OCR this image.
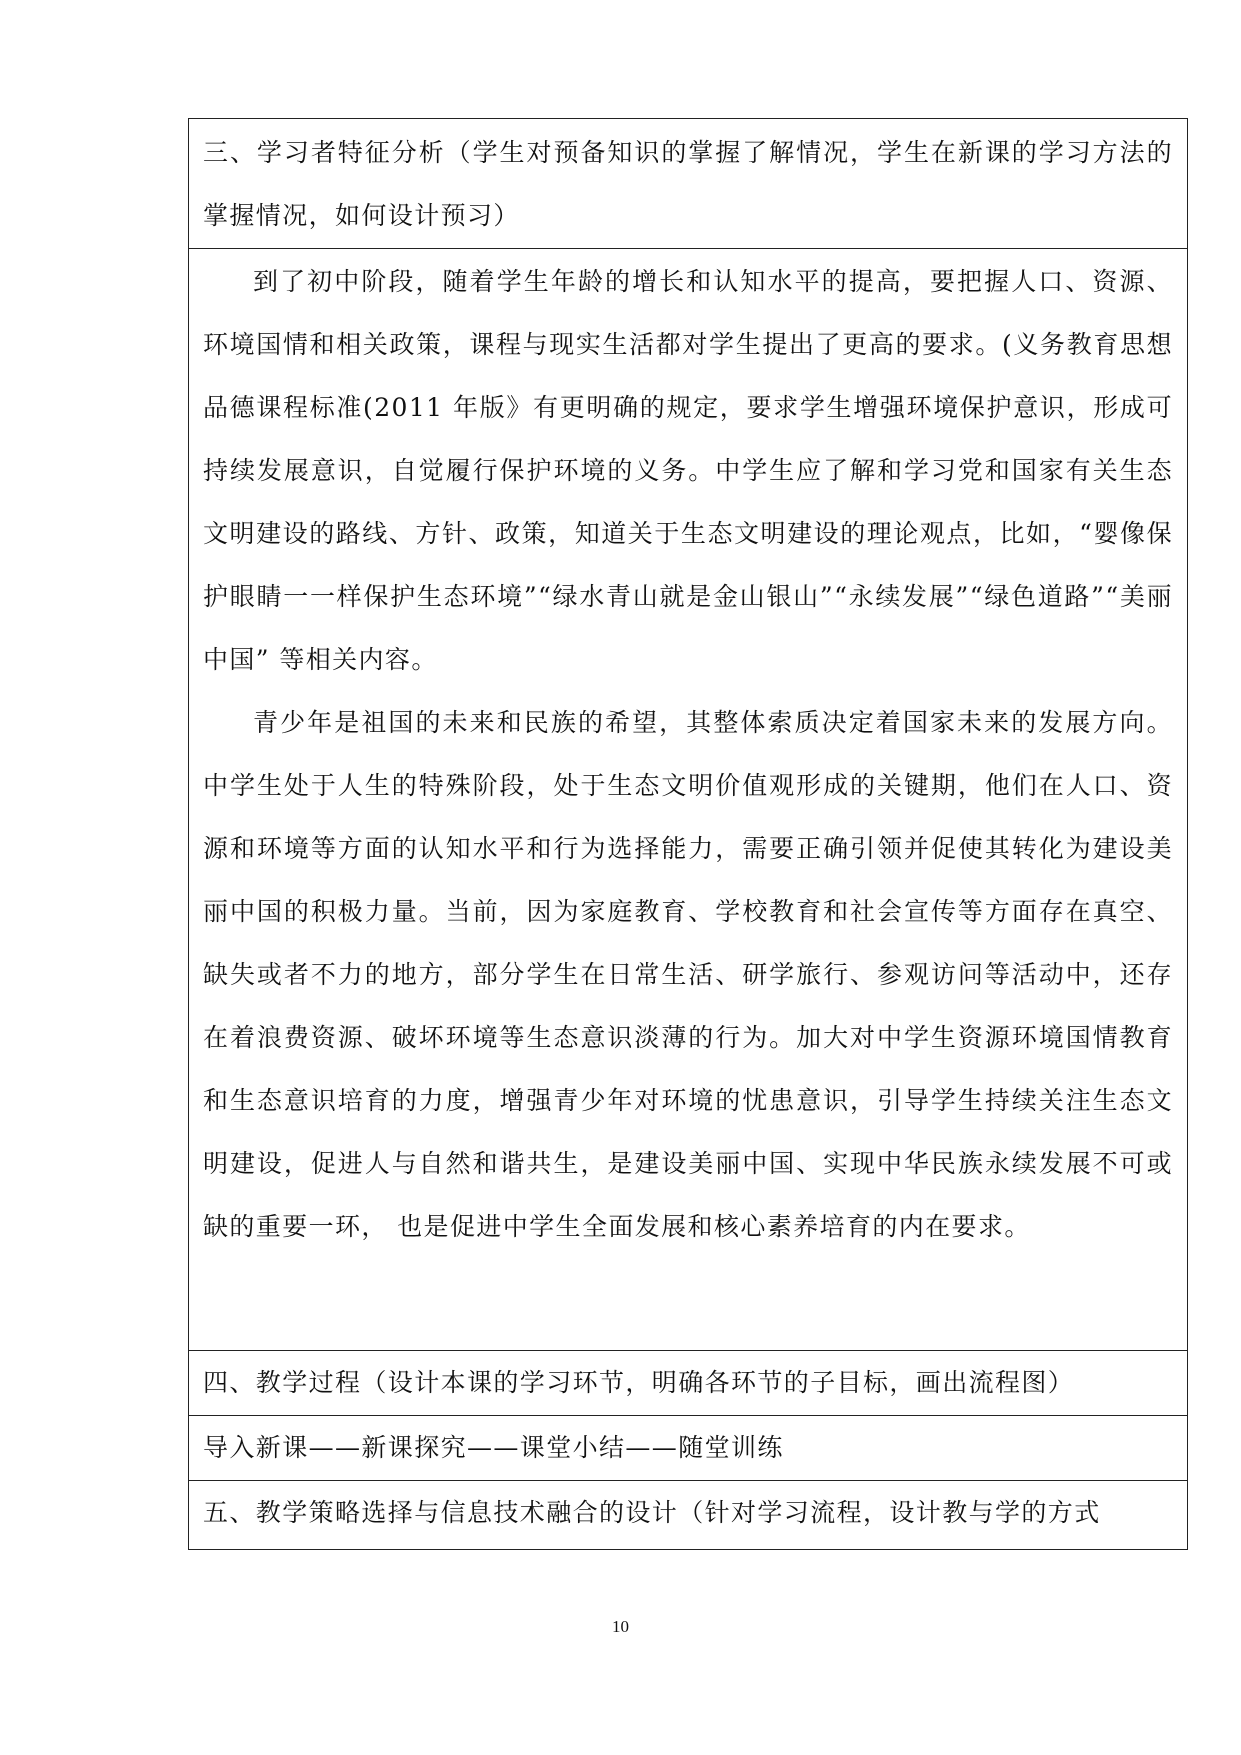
三、学习者特征分析（学生对预备知识的掌握了解情况，学生在新课的学习方法的掌握情况，如何设计预习）

到了初中阶段，随着学生年龄的增长和认知水平的提高，要把握人口、资源、环境国情和相关政策，课程与现实生活都对学生提出了更高的要求。(义务教育思想品德课程标准(2011 年版》有更明确的规定，要求学生增强环境保护意识，形成可持续发展意识，自觉履行保护环境的义务。中学生应了解和学习党和国家有关生态文明建设的路线、方针、政策，知道关于生态文明建设的理论观点，比如，“婴像保护眼睛一一样保护生态环境”“绿水青山就是金山银山”“永续发展”“绿色道路”“美丽中国” 等相关内容。

青少年是祖国的未来和民族的希望，其整体索质决定着国家未来的发展方向。中学生处于人生的特殊阶段，处于生态文明价值观形成的关键期，他们在人口、资源和环境等方面的认知水平和行为选择能力，需要正确引领并促使其转化为建设美丽中国的积极力量。当前，因为家庭教育、学校教育和社会宣传等方面存在真空、缺失或者不力的地方，部分学生在日常生活、研学旅行、参观访问等活动中，还存在着浪费资源、破坏环境等生态意识淡薄的行为。加大对中学生资源环境国情教育和生态意识培育的力度，增强青少年对环境的忧患意识，引导学生持续关注生态文明建设，促进人与自然和谐共生，是建设美丽中国、实现中华民族永续发展不可或缺的重要一环， 也是促进中学生全面发展和核心素养培育的内在要求。

四、教学过程（设计本课的学习环节，明确各环节的子目标，画出流程图）

导入新课——新课探究——课堂小结——随堂训练

五、教学策略选择与信息技术融合的设计（针对学习流程，设计教与学的方式

10
